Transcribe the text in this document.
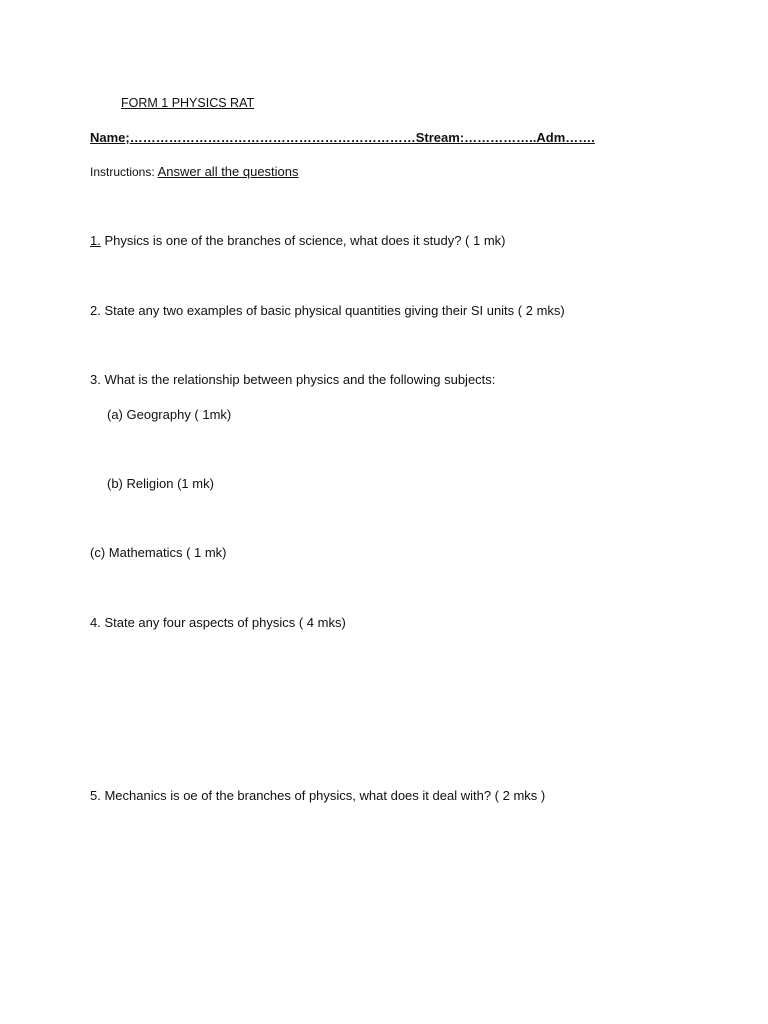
FORM 1 PHYSICS RAT
Name;…………………………………………………………Stream:……………..Adm…….
Instructions: Answer all the questions
1. Physics is one of the branches of science, what does it study? ( 1 mk)
2. State any two examples of basic physical quantities giving their SI units ( 2 mks)
3. What is the relationship between physics and the following subjects:
(a) Geography ( 1mk)
(b) Religion (1 mk)
(c) Mathematics ( 1 mk)
4. State any four aspects of physics ( 4 mks)
5. Mechanics is oe of the branches of physics, what does it deal with? ( 2 mks )
